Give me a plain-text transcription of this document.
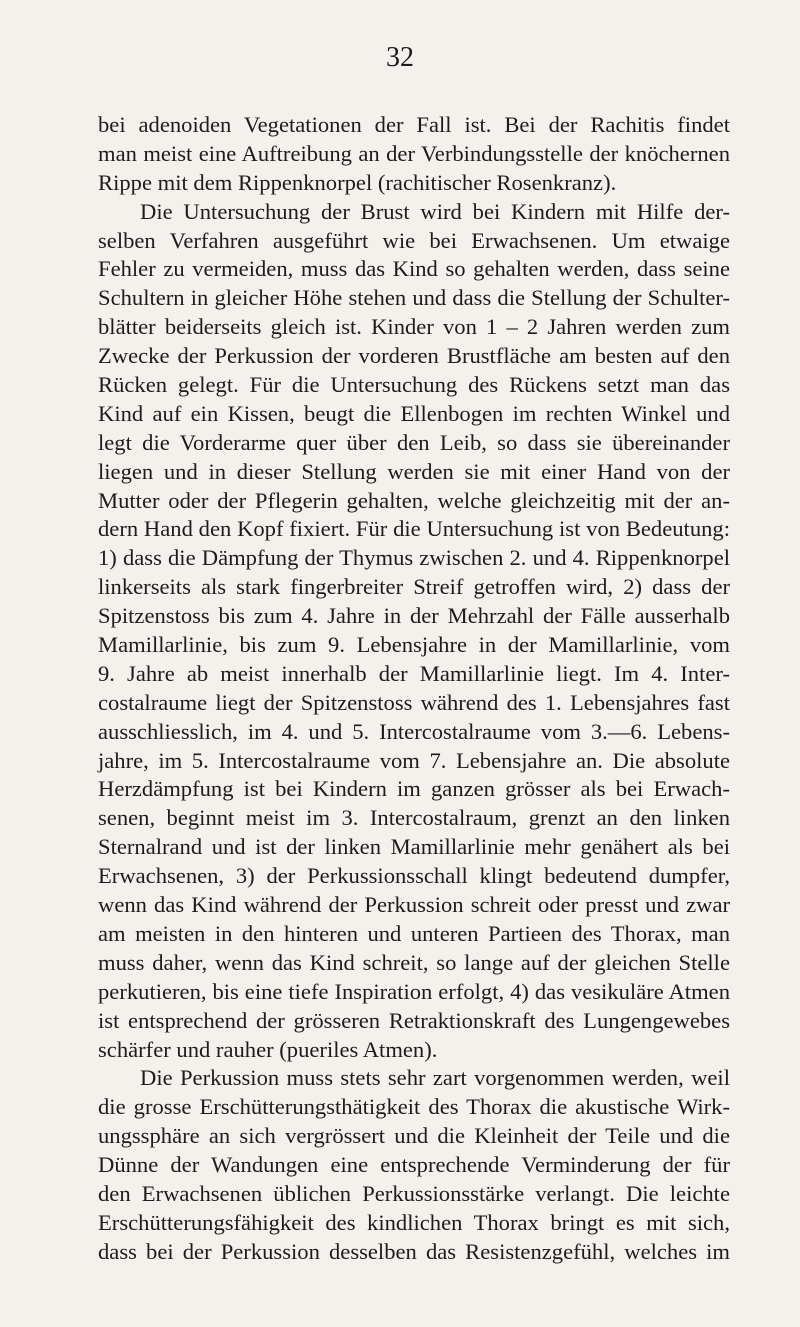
32
bei adenoiden Vegetationen der Fall ist. Bei der Rachitis findet
man meist eine Auftreibung an der Verbindungsstelle der knöchernen
Rippe mit dem Rippenknorpel (rachitischer Rosenkranz).
Die Untersuchung der Brust wird bei Kindern mit Hilfe der-
selben Verfahren ausgeführt wie bei Erwachsenen. Um etwaige
Fehler zu vermeiden, muss das Kind so gehalten werden, dass seine
Schultern in gleicher Höhe stehen und dass die Stellung der Schulter-
blätter beiderseits gleich ist. Kinder von 1 – 2 Jahren werden zum
Zwecke der Perkussion der vorderen Brustfläche am besten auf den
Rücken gelegt. Für die Untersuchung des Rückens setzt man das
Kind auf ein Kissen, beugt die Ellenbogen im rechten Winkel und
legt die Vorderarme quer über den Leib, so dass sie übereinander
liegen und in dieser Stellung werden sie mit einer Hand von der
Mutter oder der Pflegerin gehalten, welche gleichzeitig mit der an-
dern Hand den Kopf fixiert. Für die Untersuchung ist von Bedeutung:
1) dass die Dämpfung der Thymus zwischen 2. und 4. Rippenknorpel
linkerseits als stark fingerbreiter Streif getroffen wird, 2) dass der
Spitzenstoss bis zum 4. Jahre in der Mehrzahl der Fälle ausserhalb
Mamillarlinie, bis zum 9. Lebensjahre in der Mamillarlinie, vom
9. Jahre ab meist innerhalb der Mamillarlinie liegt. Im 4. Inter-
costalraume liegt der Spitzenstoss während des 1. Lebensjahres fast
ausschliesslich, im 4. und 5. Intercostalraume vom 3.—6. Lebens-
jahre, im 5. Intercostalraume vom 7. Lebensjahre an. Die absolute
Herzdämpfung ist bei Kindern im ganzen grösser als bei Erwach-
senen, beginnt meist im 3. Intercostalraum, grenzt an den linken
Sternalrand und ist der linken Mamillarlinie mehr genähert als bei
Erwachsenen, 3) der Perkussionsschall klingt bedeutend dumpfer,
wenn das Kind während der Perkussion schreit oder presst und zwar
am meisten in den hinteren und unteren Partieen des Thorax, man
muss daher, wenn das Kind schreit, so lange auf der gleichen Stelle
perkutieren, bis eine tiefe Inspiration erfolgt, 4) das vesikuläre Atmen
ist entsprechend der grösseren Retraktionskraft des Lungengewebes
schärfer und rauher (pueriles Atmen).
Die Perkussion muss stets sehr zart vorgenommen werden, weil
die grosse Erschütterungsthätigkeit des Thorax die akustische Wirk-
ungssphäre an sich vergrössert und die Kleinheit der Teile und die
Dünne der Wandungen eine entsprechende Verminderung der für
den Erwachsenen üblichen Perkussionsstärke verlangt. Die leichte
Erschütterungsfähigkeit des kindlichen Thorax bringt es mit sich,
dass bei der Perkussion desselben das Resistenzgefühl, welches im
